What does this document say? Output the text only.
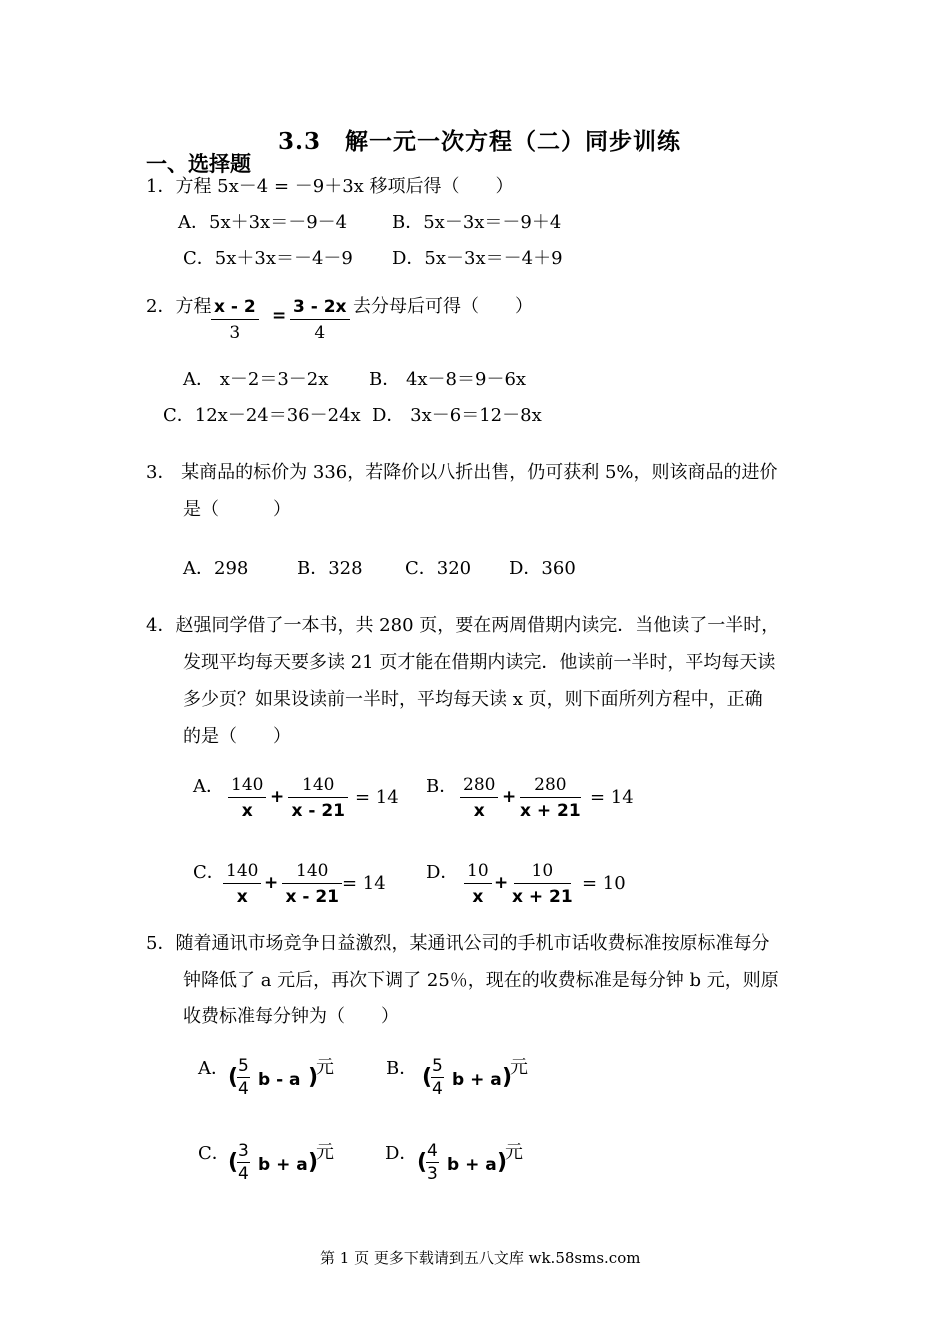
3.3　解一元一次方程（二）同步训练
一、选择题
1．方程 5x－4 = －9＋3x 移项后得（　　）
A．5x＋3x＝－9－4 B．5x－3x＝－9＋4
C．5x＋3x＝－4－9 D．5x－3x＝－4＋9
2．方程 $\frac{x - 2}{3} = \frac{3 - 2x}{4}$ 去分母后可得（　　）
A． x－2＝3－2x B． 4x－8＝9－6x
C．12x－24＝36－24x D． 3x－6＝12－8x
3． 某商品的标价为 336，若降价以八折出售，仍可获利 5%，则该商品的进价
是（　　　）
A．298	B．328 C．320 D．360
4．赵强同学借了一本书，共 280 页，要在两周借期内读完．当他读了一半时，
发现平均每天要多读 21 页才能在借期内读完．他读前一半时，平均每天读
多少页？如果设读前一半时，平均每天读 x 页，则下面所列方程中，正确
的是（　　）
A． $\frac{140}{x} + \frac{140}{x - 21} = 14$
B． $\frac{280}{x} + \frac{280}{x + 21} = 14$
C．
$\frac{140}{x} + \frac{140}{x - 21} = 14$
D． $\frac{10}{x} + \frac{10}{x + 21} = 10$
5．随着通讯市场竞争日益激烈，某通讯公司的手机市话收费标准按原标准每分
钟降低了 a 元后，再次下调了 25％，现在的收费标准是每分钟 b 元，则原
收费标准每分钟为（　　）
A． (
$\frac{5}{4}$ b - a )
元	B． (
$\frac{5}{4}$ b + a )
元
C．
(
$\frac{3}{4}$ b + a )
元	D． (
$\frac{4}{3}$ b + a )
元
第 1 页 更多下载请到五八文库 wk.58sms.com
